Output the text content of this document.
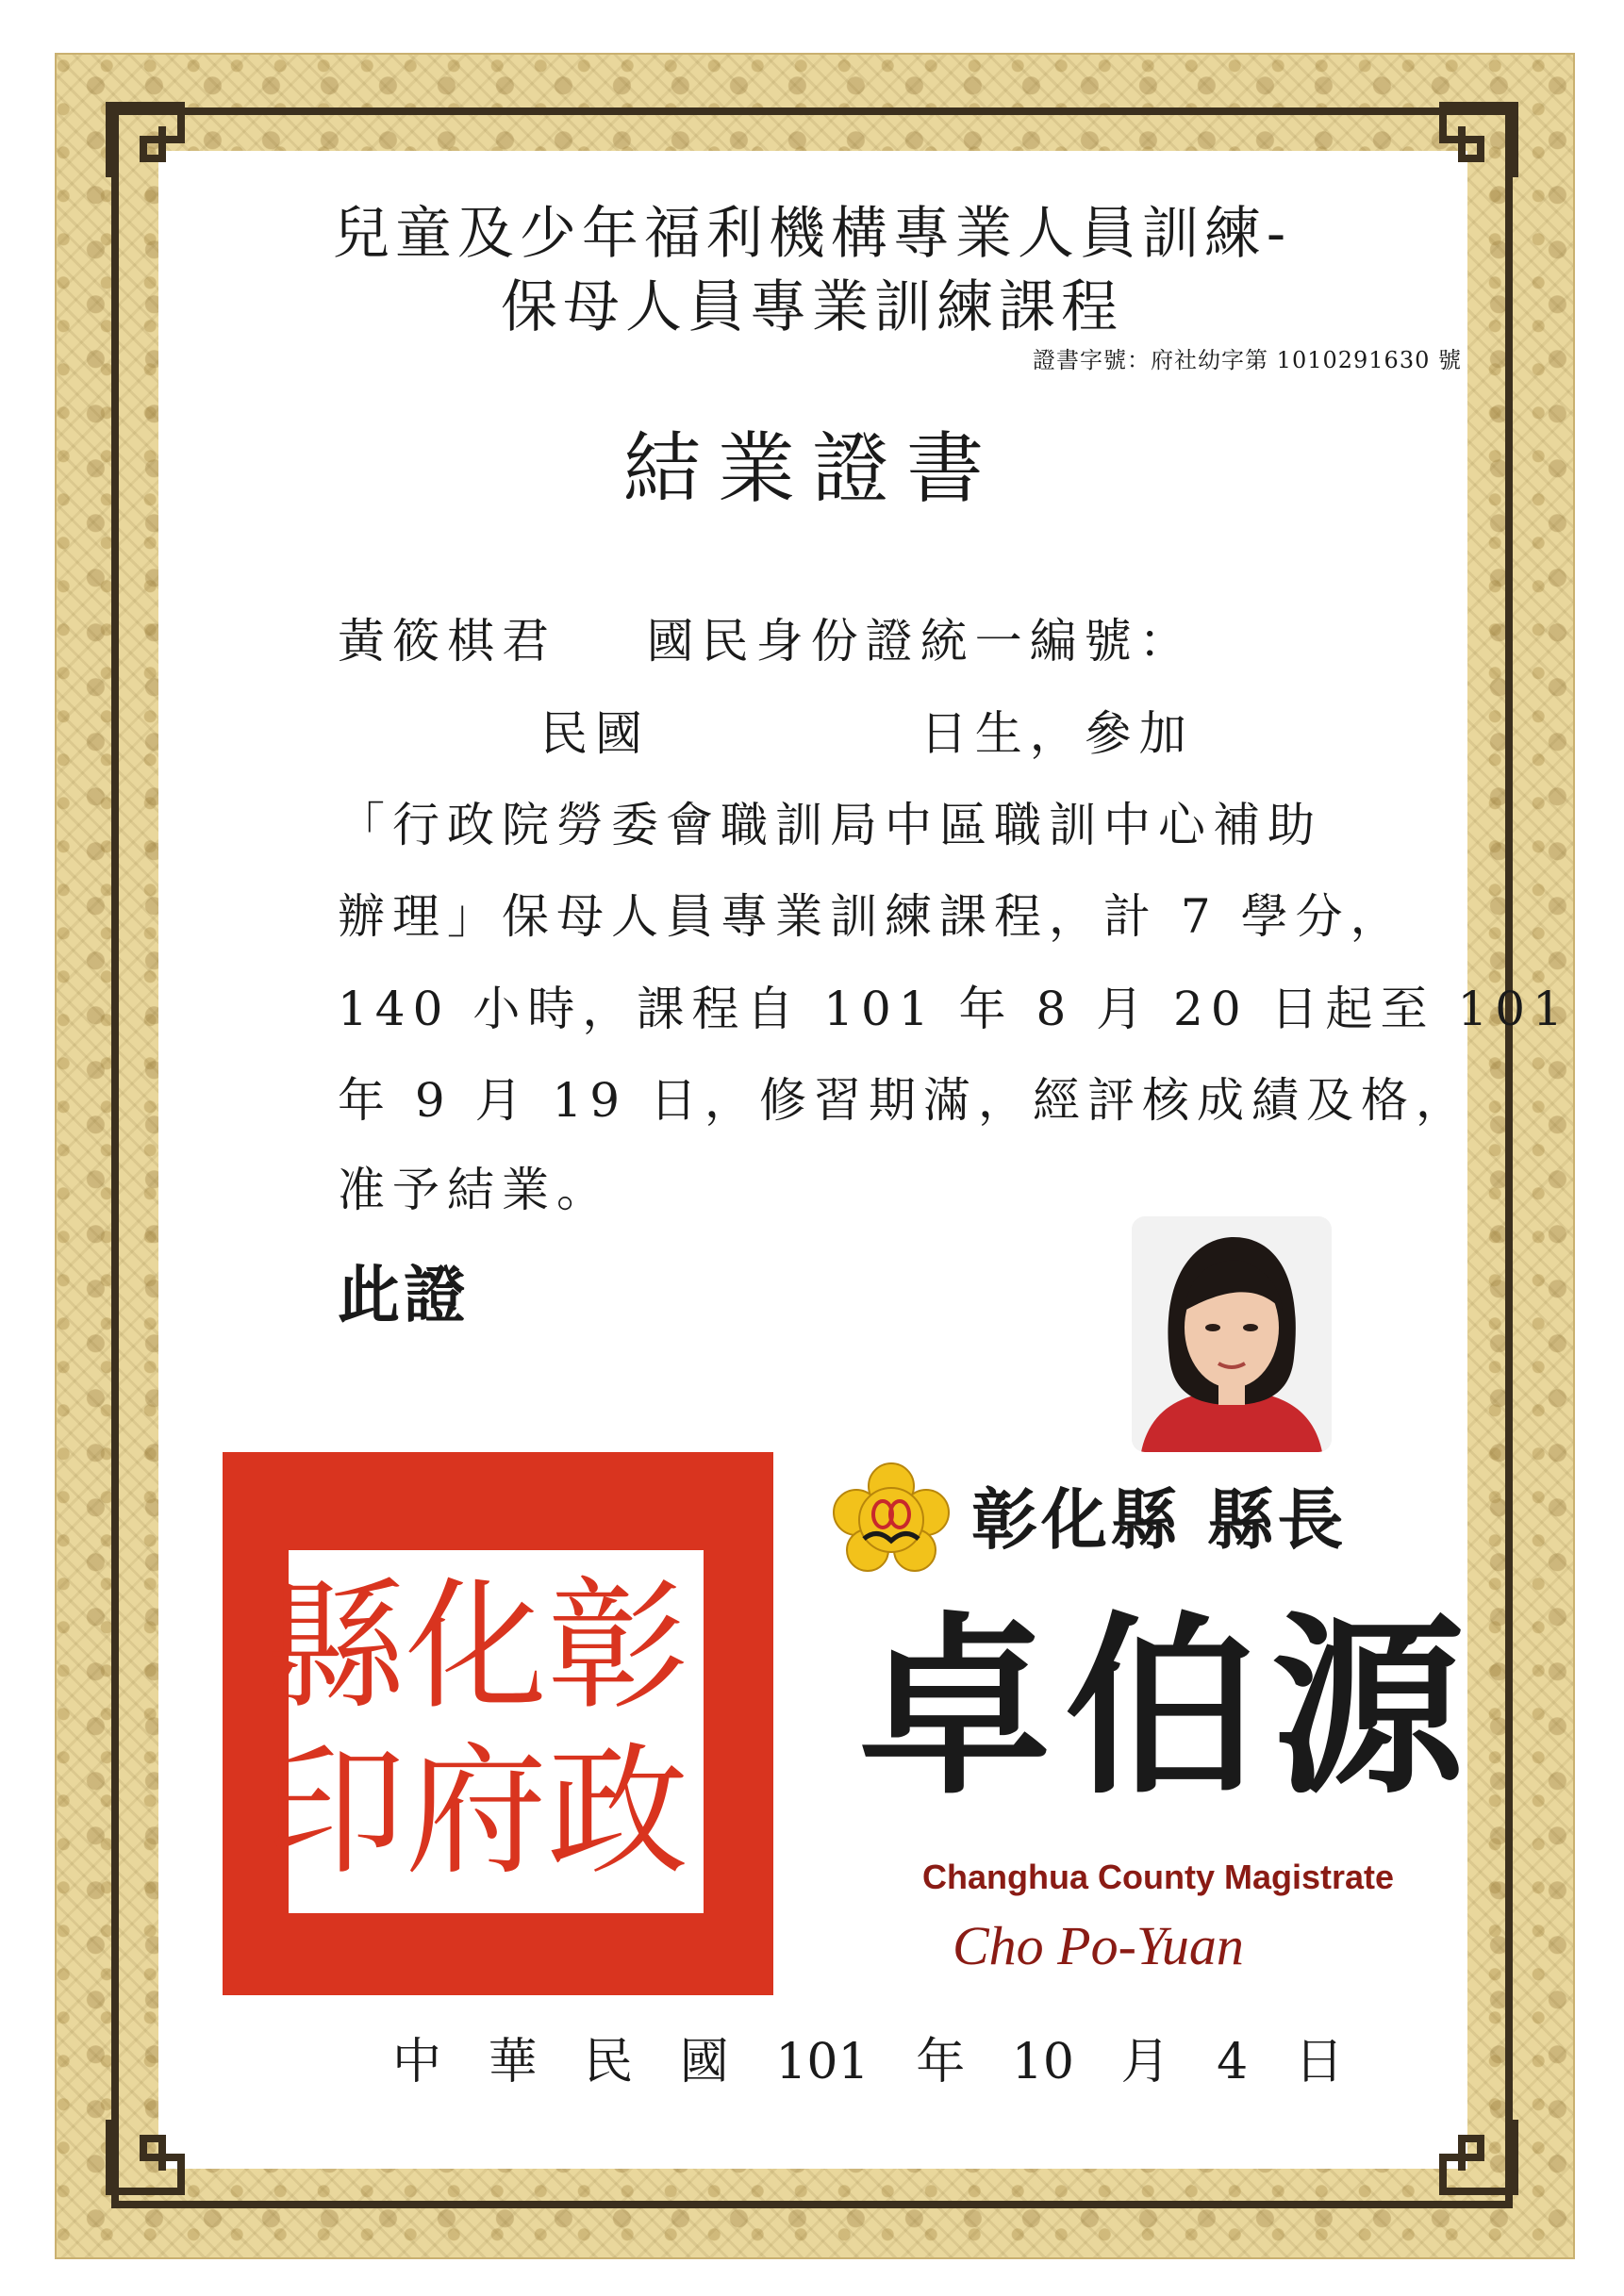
兒童及少年福利機構專業人員訓練-
保母人員專業訓練課程
證書字號：府社幼字第 1010291630 號
結業證書
黃筱棋君    國民身份證統一編號：
民國            日生，參加
「行政院勞委會職訓局中區職訓中心補助
辦理」保母人員專業訓練課程，計 7 學分，
140 小時，課程自 101 年 8 月 20 日起至 101
年 9 月 19 日，修習期滿，經評核成績及格，
准予結業。
此證
彰
化
縣
政
府
印
彰化縣 縣長
卓伯源
Changhua County Magistrate
Cho Po-Yuan
中   華   民   國   101   年   10   月   4   日
